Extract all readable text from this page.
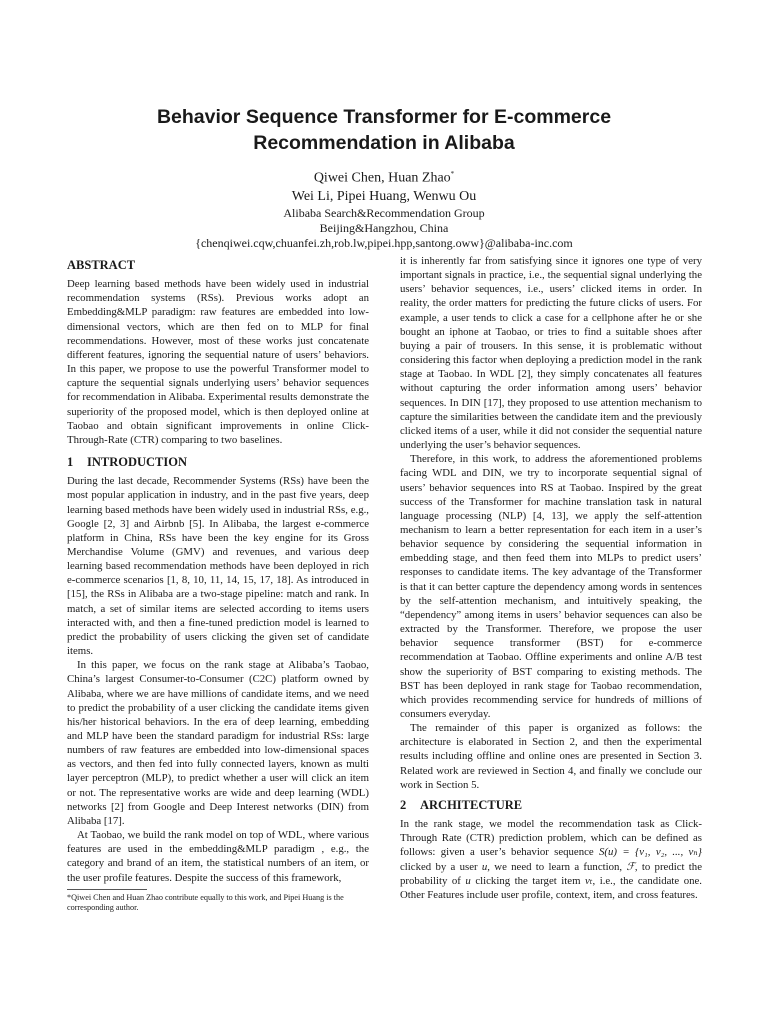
Behavior Sequence Transformer for E-commerce
Recommendation in Alibaba
Qiwei Chen, Huan Zhao*
Wei Li, Pipei Huang, Wenwu Ou
Alibaba Search&Recommendation Group
Beijing&Hangzhou, China
{chenqiwei.cqw,chuanfei.zh,rob.lw,pipei.hpp,santong.oww}@alibaba-inc.com
ABSTRACT

Deep learning based methods have been widely used in industrial recommendation systems (RSs). Previous works adopt an Embedding&MLP paradigm: raw features are embedded into low-dimensional vectors, which are then fed on to MLP for final recommendations. However, most of these works just concatenate different features, ignoring the sequential nature of users’ behaviors. In this paper, we propose to use the powerful Transformer model to capture the sequential signals underlying users’ behavior sequences for recommendation in Alibaba. Experimental results demonstrate the superiority of the proposed model, which is then deployed online at Taobao and obtain significant improvements in online Click-Through-Rate (CTR) comparing to two baselines.

1 INTRODUCTION

During the last decade, Recommender Systems (RSs) have been the most popular application in industry, and in the past five years, deep learning based methods have been widely used in industrial RSs, e.g., Google [2, 3] and Airbnb [5]. In Alibaba, the largest e-commerce platform in China, RSs have been the key engine for its Gross Merchandise Volume (GMV) and revenues, and various deep learning based recommendation methods have been deployed in rich e-commerce scenarios [1, 8, 10, 11, 14, 15, 17, 18]. As introduced in [15], the RSs in Alibaba are a two-stage pipeline: match and rank. In match, a set of similar items are selected according to items users interacted with, and then a fine-tuned prediction model is learned to predict the probability of users clicking the given set of candidate items.

In this paper, we focus on the rank stage at Alibaba’s Taobao, China’s largest Consumer-to-Consumer (C2C) platform owned by Alibaba, where we are have millions of candidate items, and we need to predict the probability of a user clicking the candidate items given his/her historical behaviors. In the era of deep learning, embedding and MLP have been the standard paradigm for industrial RSs: large numbers of raw features are embedded into low-dimensional spaces as vectors, and then fed into fully connected layers, known as multi layer perceptron (MLP), to predict whether a user will click an item or not. The representative works are wide and deep learning (WDL) networks [2] from Google and Deep Interest networks (DIN) from Alibaba [17].

At Taobao, we build the rank model on top of WDL, where various features are used in the embedding&MLP paradigm , e.g., the category and brand of an item, the statistical numbers of an item, or the user profile features. Despite the success of this framework,

*Qiwei Chen and Huan Zhao contribute equally to this work, and Pipei Huang is the corresponding author.

it is inherently far from satisfying since it ignores one type of very important signals in practice, i.e., the sequential signal underlying the users’ behavior sequences, i.e., users’ clicked items in order. In reality, the order matters for predicting the future clicks of users. For example, a user tends to click a case for a cellphone after he or she bought an iphone at Taobao, or tries to find a suitable shoes after buying a pair of trousers. In this sense, it is problematic without considering this factor when deploying a prediction model in the rank stage at Taobao. In WDL [2], they simply concatenates all features without capturing the order information among users’ behavior sequences. In DIN [17], they proposed to use attention mechanism to capture the similarities between the candidate item and the previously clicked items of a user, while it did not consider the sequential nature underlying the user’s behavior sequences.

Therefore, in this work, to address the aforementioned problems facing WDL and DIN, we try to incorporate sequential signal of users’ behavior sequences into RS at Taobao. Inspired by the great success of the Transformer for machine translation task in natural language processing (NLP) [4, 13], we apply the self-attention mechanism to learn a better representation for each item in a user’s behavior sequence by considering the sequential information in embedding stage, and then feed them into MLPs to predict users’ responses to candidate items. The key advantage of the Transformer is that it can better capture the dependency among words in sentences by the self-attention mechanism, and intuitively speaking, the “dependency” among items in users’ behavior sequences can also be extracted by the Transformer. Therefore, we propose the user behavior sequence transformer (BST) for e-commerce recommendation at Taobao. Offline experiments and online A/B test show the superiority of BST comparing to existing methods. The BST has been deployed in rank stage for Taobao recommendation, which provides recommending service for hundreds of millions of consumers everyday.

The remainder of this paper is organized as follows: the architecture is elaborated in Section 2, and then the experimental results including offline and online ones are presented in Section 3. Related work are reviewed in Section 4, and finally we conclude our work in Section 5.

2 ARCHITECTURE

In the rank stage, we model the recommendation task as Click-Through Rate (CTR) prediction problem, which can be defined as follows: given a user’s behavior sequence S(u) = {v₁, v₂, ..., vₙ} clicked by a user u, we need to learn a function, ℱ, to predict the probability of u clicking the target item vₜ, i.e., the candidate one. Other Features include user profile, context, item, and cross features.
